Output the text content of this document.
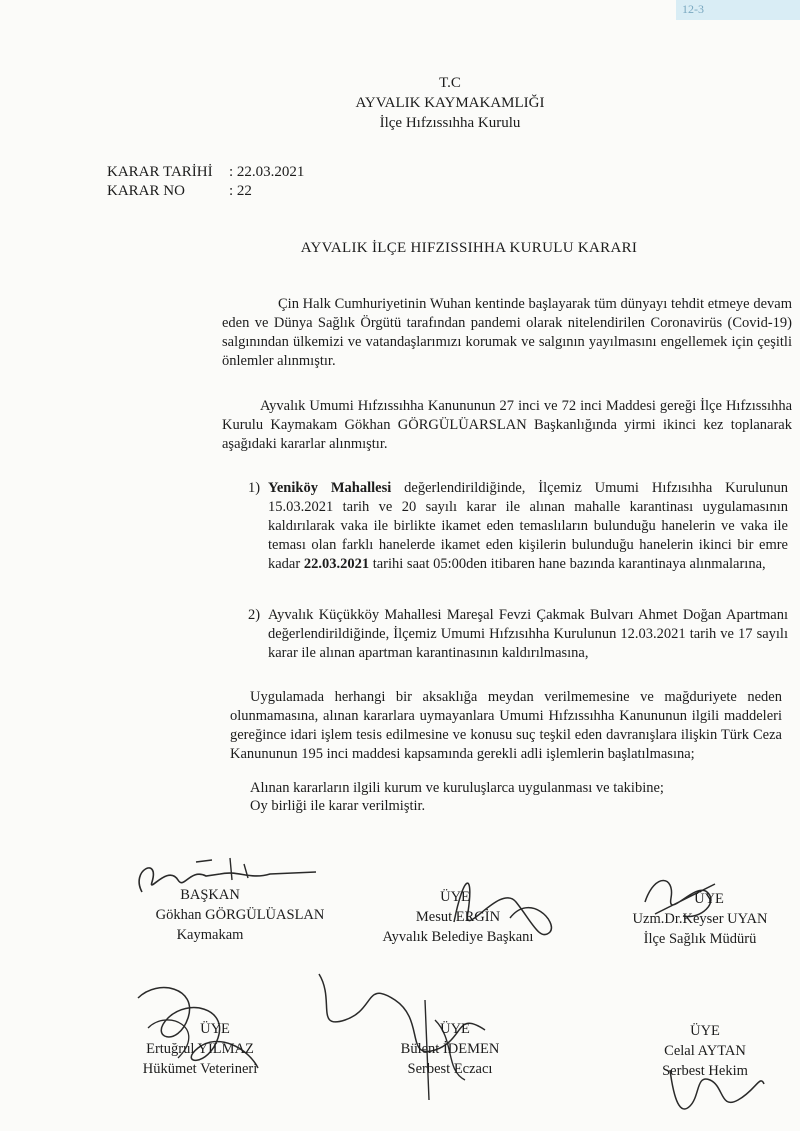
12-3
T.C
AYVALIK KAYMAKAMLIĞI
İlçe Hıfzıssıhha Kurulu
KARAR TARİHİ	: 22.03.2021
KARAR NO	: 22
AYVALIK İLÇE HIFZISSIHHA KURULU KARARI

Çin Halk Cumhuriyetinin Wuhan kentinde başlayarak tüm dünyayı tehdit etmeye devam eden ve Dünya Sağlık Örgütü tarafından pandemi olarak nitelendirilen Coronavirüs (Covid-19) salgınından ülkemizi ve vatandaşlarımızı korumak ve salgının yayılmasını engellemek için çeşitli önlemler alınmıştır.

Ayvalık Umumi Hıfzıssıhha Kanununun 27 inci ve 72 inci Maddesi gereği İlçe Hıfzıssıhha Kurulu Kaymakam Gökhan GÖRGÜLÜARSLAN Başkanlığında yirmi ikinci kez toplanarak aşağıdaki kararlar alınmıştır.

1) Yeniköy Mahallesi değerlendirildiğinde, İlçemiz Umumi Hıfzısıhha Kurulunun 15.03.2021 tarih ve 20 sayılı karar ile alınan mahalle karantinası uygulamasının kaldırılarak vaka ile birlikte ikamet eden temaslıların bulunduğu hanelerin ve vaka ile teması olan farklı hanelerde ikamet eden kişilerin bulunduğu hanelerin ikinci bir emre kadar 22.03.2021 tarihi saat 05:00den itibaren hane bazında karantinaya alınmalarına,
2) Ayvalık Küçükköy Mahallesi Mareşal Fevzi Çakmak Bulvarı Ahmet Doğan Apartmanı değerlendirildiğinde, İlçemiz Umumi Hıfzısıhha Kurulunun 12.03.2021 tarih ve 17 sayılı karar ile alınan apartman karantinasının kaldırılmasına,

Uygulamada herhangi bir aksaklığa meydan verilmemesine ve mağduriyete neden olunmamasına, alınan kararlara uymayanlara Umumi Hıfzıssıhha Kanununun ilgili maddeleri gereğince idari işlem tesis edilmesine ve konusu suç teşkil eden davranışlara ilişkin Türk Ceza Kanununun 195 inci maddesi kapsamında gerekli adli işlemlerin başlatılmasına;

Alınan kararların ilgili kurum ve kuruluşlarca uygulanması ve takibine;
Oy birliği ile karar verilmiştir.
BAŞKAN
Gökhan GÖRGÜLÜASLAN
Kaymakam
ÜYE
Mesut ERGİN
Ayvalık Belediye Başkanı
ÜYE
Uzm.Dr.Keyser UYAN
İlçe Sağlık Müdürü
ÜYE
Ertuğrul YILMAZ
Hükümet Veterineri
ÜYE
Bülent İDEMEN
Serbest Eczacı
ÜYE
Celal AYTAN
Serbest Hekim
